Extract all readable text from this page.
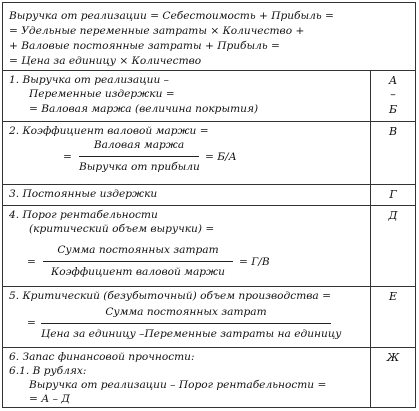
Выручка от реализации = Себестоимость + Прибыль =
= Удельные переменные затраты × Количество +
+ Валовые постоянные затраты + Прибыль =
= Цена за единицу × Количество
1. Выручка от реализации –
Переменные издержки =
= Валовая маржа (величина покрытия)
А
–
Б
2. Коэффициент валовой маржи =
=
Валовая маржа
Выручка от прибыли
= Б/А
В
3. Постоянные издержки	Г
4. Порог рентабельности
(критический объем выручки) =
=
Сумма постоянных затрат
Коэффициент валовой маржи
= Г/В
Д
5. Критический (безубыточный) объем производства =
=
Сумма постоянных затрат
Цена за единицу –Переменные затраты на единицу
Е
6. Запас финансовой прочности:
6.1. В рублях:
Выручка от реализации – Порог рентабельности =
= А – Д
Ж
